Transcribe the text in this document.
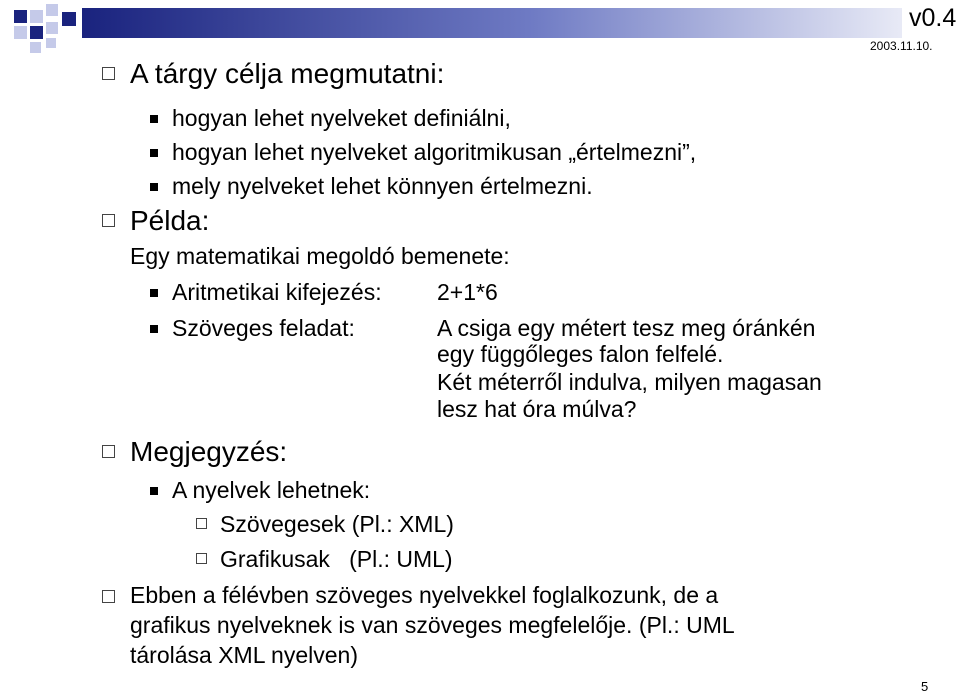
v0.4
2003.11.10.
A tárgy célja megmutatni:
hogyan lehet nyelveket definiálni,
hogyan lehet nyelveket algoritmikusan „értelmezni”,
mely nyelveket lehet könnyen értelmezni.
Példa:
Egy matematikai megoldó bemenete:
Aritmetikai kifejezés: 2+1*6
Szöveges feladat:	A csiga egy métert tesz meg óránkén
egy függőleges falon felfelé.
Két méterről indulva, milyen magasan
lesz hat óra múlva?
Megjegyzés:
A nyelvek lehetnek:
Szövegesek (Pl.: XML)
Grafikusak   (Pl.: UML)
Ebben a félévben szöveges nyelvekkel foglalkozunk, de a
grafikus nyelveknek is van szöveges megfelelője. (Pl.: UML
tárolása XML nyelven)
5
